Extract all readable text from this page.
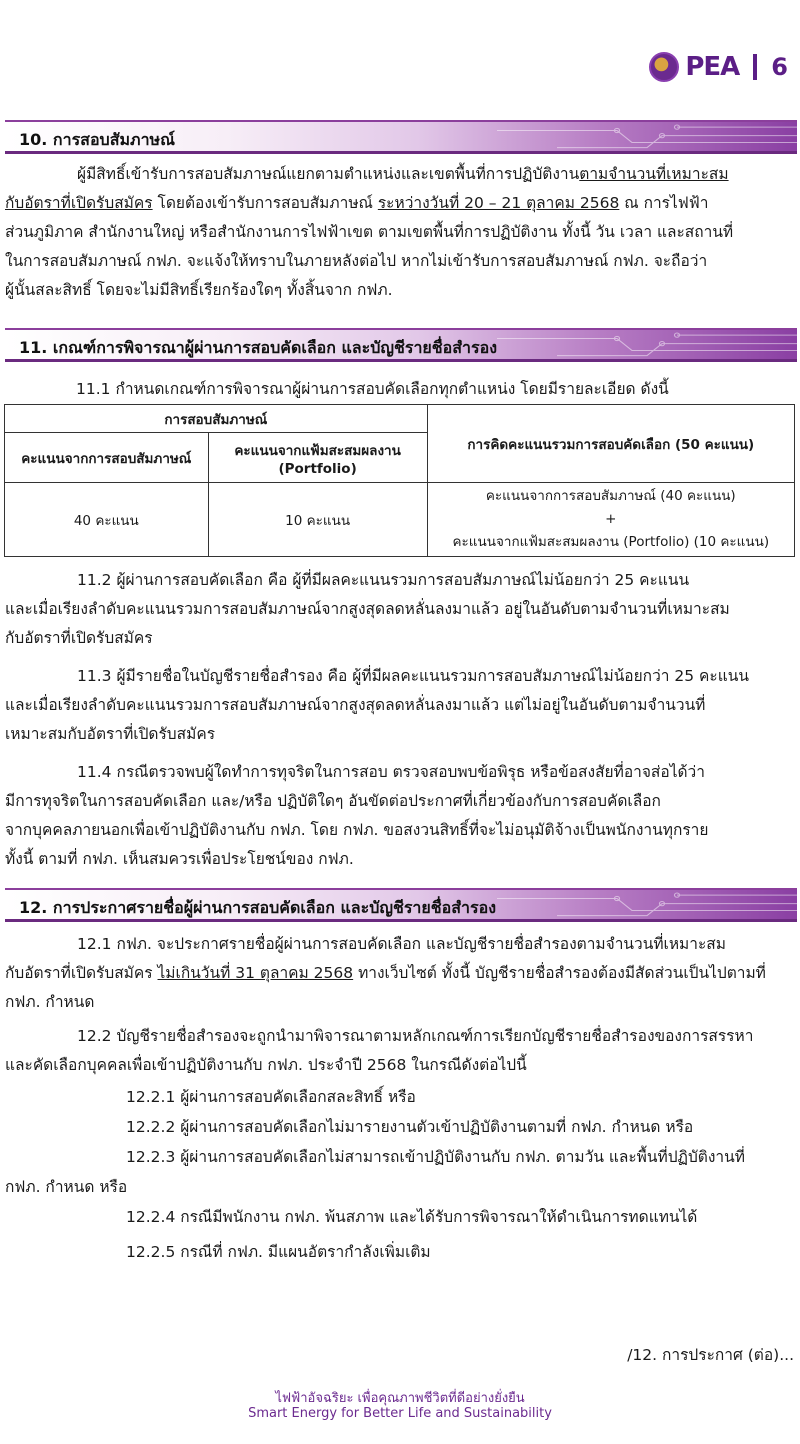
PEA 6
10. การสอบสัมภาษณ์
ผู้มีสิทธิ์เข้ารับการสอบสัมภาษณ์แยกตามตำแหน่งและเขตพื้นที่การปฏิบัติงานตามจำนวนที่เหมาะสม
กับอัตราที่เปิดรับสมัคร โดยต้องเข้ารับการสอบสัมภาษณ์ ระหว่างวันที่ 20 – 21 ตุลาคม 2568 ณ การไฟฟ้า
ส่วนภูมิภาค สำนักงานใหญ่ หรือสำนักงานการไฟฟ้าเขต ตามเขตพื้นที่การปฏิบัติงาน ทั้งนี้ วัน เวลา และสถานที่
ในการสอบสัมภาษณ์ กฟภ. จะแจ้งให้ทราบในภายหลังต่อไป หากไม่เข้ารับการสอบสัมภาษณ์ กฟภ. จะถือว่า
ผู้นั้นสละสิทธิ์ โดยจะไม่มีสิทธิ์เรียกร้องใดๆ ทั้งสิ้นจาก กฟภ.
11. เกณฑ์การพิจารณาผู้ผ่านการสอบคัดเลือก และบัญชีรายชื่อสำรอง

11.1 กำหนดเกณฑ์การพิจารณาผู้ผ่านการสอบคัดเลือกทุกตำแหน่ง โดยมีรายละเอียด ดังนี้

การสอบสัมภาษณ์		การคิดคะแนนรวมการสอบคัดเลือก (50 คะแนน)
คะแนนจากการสอบสัมภาษณ์	คะแนนจากแฟ้มสะสมผลงาน
(Portfolio)	
40 คะแนน	10 คะแนน	คะแนนจากการสอบสัมภาษณ์ (40 คะแนน)
+
คะแนนจากแฟ้มสะสมผลงาน (Portfolio) (10 คะแนน)
11.2 ผู้ผ่านการสอบคัดเลือก คือ ผู้ที่มีผลคะแนนรวมการสอบสัมภาษณ์ไม่น้อยกว่า 25 คะแนน
และเมื่อเรียงลำดับคะแนนรวมการสอบสัมภาษณ์จากสูงสุดลดหลั่นลงมาแล้ว อยู่ในอันดับตามจำนวนที่เหมาะสม
กับอัตราที่เปิดรับสมัคร
11.3 ผู้มีรายชื่อในบัญชีรายชื่อสำรอง คือ ผู้ที่มีผลคะแนนรวมการสอบสัมภาษณ์ไม่น้อยกว่า 25 คะแนน
และเมื่อเรียงลำดับคะแนนรวมการสอบสัมภาษณ์จากสูงสุดลดหลั่นลงมาแล้ว แต่ไม่อยู่ในอันดับตามจำนวนที่
เหมาะสมกับอัตราที่เปิดรับสมัคร
11.4 กรณีตรวจพบผู้ใดทำการทุจริตในการสอบ ตรวจสอบพบข้อพิรุธ หรือข้อสงสัยที่อาจส่อได้ว่า
มีการทุจริตในการสอบคัดเลือก และ/หรือ ปฏิบัติใดๆ อันขัดต่อประกาศที่เกี่ยวข้องกับการสอบคัดเลือก
จากบุคคลภายนอกเพื่อเข้าปฏิบัติงานกับ กฟภ. โดย กฟภ. ขอสงวนสิทธิ์ที่จะไม่อนุมัติจ้างเป็นพนักงานทุกราย
ทั้งนี้ ตามที่ กฟภ. เห็นสมควรเพื่อประโยชน์ของ กฟภ.
12. การประกาศรายชื่อผู้ผ่านการสอบคัดเลือก และบัญชีรายชื่อสำรอง
12.1 กฟภ. จะประกาศรายชื่อผู้ผ่านการสอบคัดเลือก และบัญชีรายชื่อสำรองตามจำนวนที่เหมาะสม
กับอัตราที่เปิดรับสมัคร ไม่เกินวันที่ 31 ตุลาคม 2568 ทางเว็บไซต์ ทั้งนี้ บัญชีรายชื่อสำรองต้องมีสัดส่วนเป็นไปตามที่
กฟภ. กำหนด
12.2 บัญชีรายชื่อสำรองจะถูกนำมาพิจารณาตามหลักเกณฑ์การเรียกบัญชีรายชื่อสำรองของการสรรหา
และคัดเลือกบุคคลเพื่อเข้าปฏิบัติงานกับ กฟภ. ประจำปี 2568 ในกรณีดังต่อไปนี้

12.2.1 ผู้ผ่านการสอบคัดเลือกสละสิทธิ์ หรือ

12.2.2 ผู้ผ่านการสอบคัดเลือกไม่มารายงานตัวเข้าปฏิบัติงานตามที่ กฟภ. กำหนด หรือ

12.2.3 ผู้ผ่านการสอบคัดเลือกไม่สามารถเข้าปฏิบัติงานกับ กฟภ. ตามวัน และพื้นที่ปฏิบัติงานที่

กฟภ. กำหนด หรือ

12.2.4 กรณีมีพนักงาน กฟภ. พ้นสภาพ และได้รับการพิจารณาให้ดำเนินการทดแทนได้

12.2.5 กรณีที่ กฟภ. มีแผนอัตรากำลังเพิ่มเติม

/12. การประกาศ (ต่อ)...

ไฟฟ้าอัจฉริยะ เพื่อคุณภาพชีวิตที่ดีอย่างยั่งยืน
Smart Energy for Better Life and Sustainability
